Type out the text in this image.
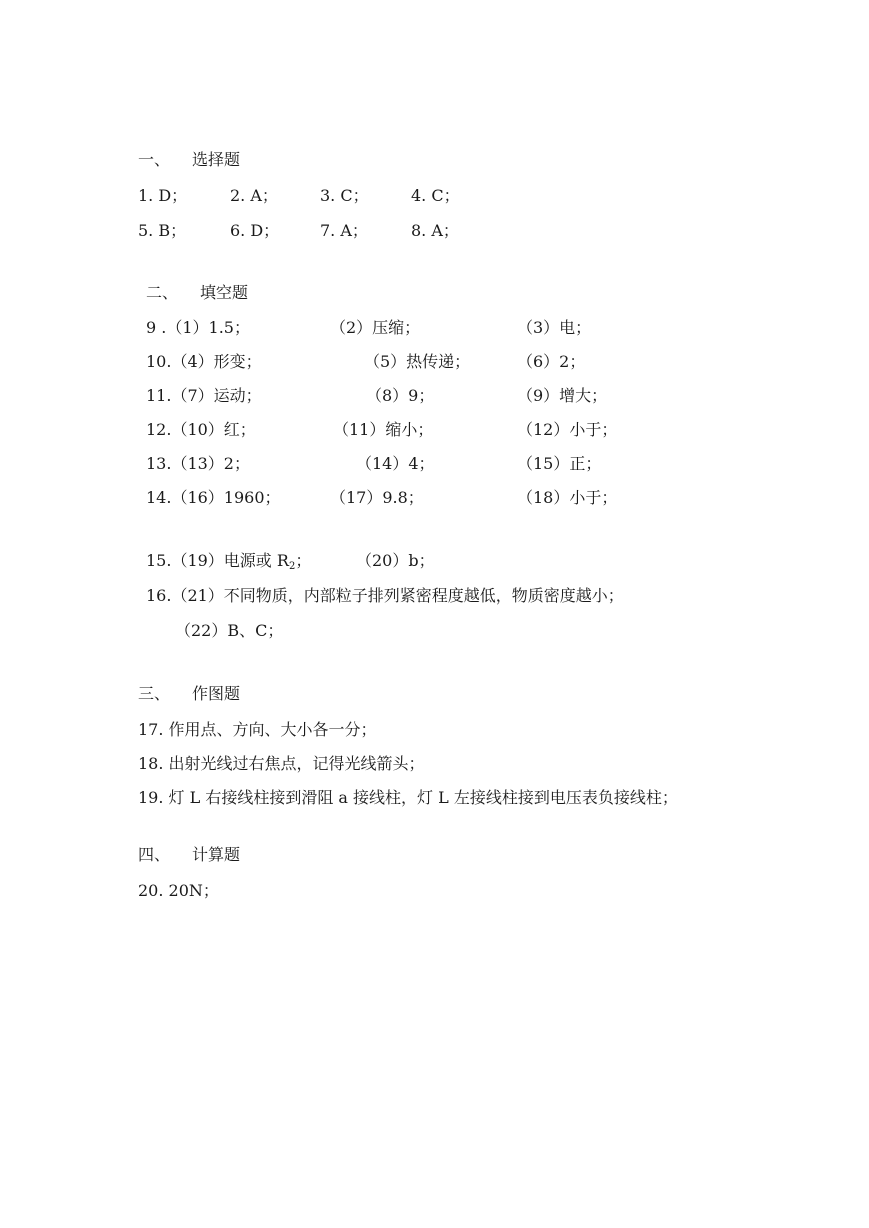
一、 选择题
1. D；	2. A；	3. C；	4. C；
5. B；	6. D；	7. A；	8. A；
二、 填空题
9 .（1）1.5；	（2）压缩；	（3）电；
10.（4）形变；	（5）热传递；	（6）2；
11.（7）运动；	（8）9；	（9）增大；
12.（10）红；	（11）缩小；	（12）小于；
13.（13）2；	（14）4；	（15）正；
14.（16）1960；	（17）9.8；	（18）小于；
15.（19）电源或 $R_2$；	（20）b；
16.（21）不同物质，内部粒子排列紧密程度越低，物质密度越小；
（22）B、C；
三、 作图题
17. 作用点、方向、大小各一分；
18. 出射光线过右焦点，记得光线箭头；
19. 灯 L 右接线柱接到滑阻 a 接线柱，灯 L 左接线柱接到电压表负接线柱；
四、 计算题
20. 20N；
